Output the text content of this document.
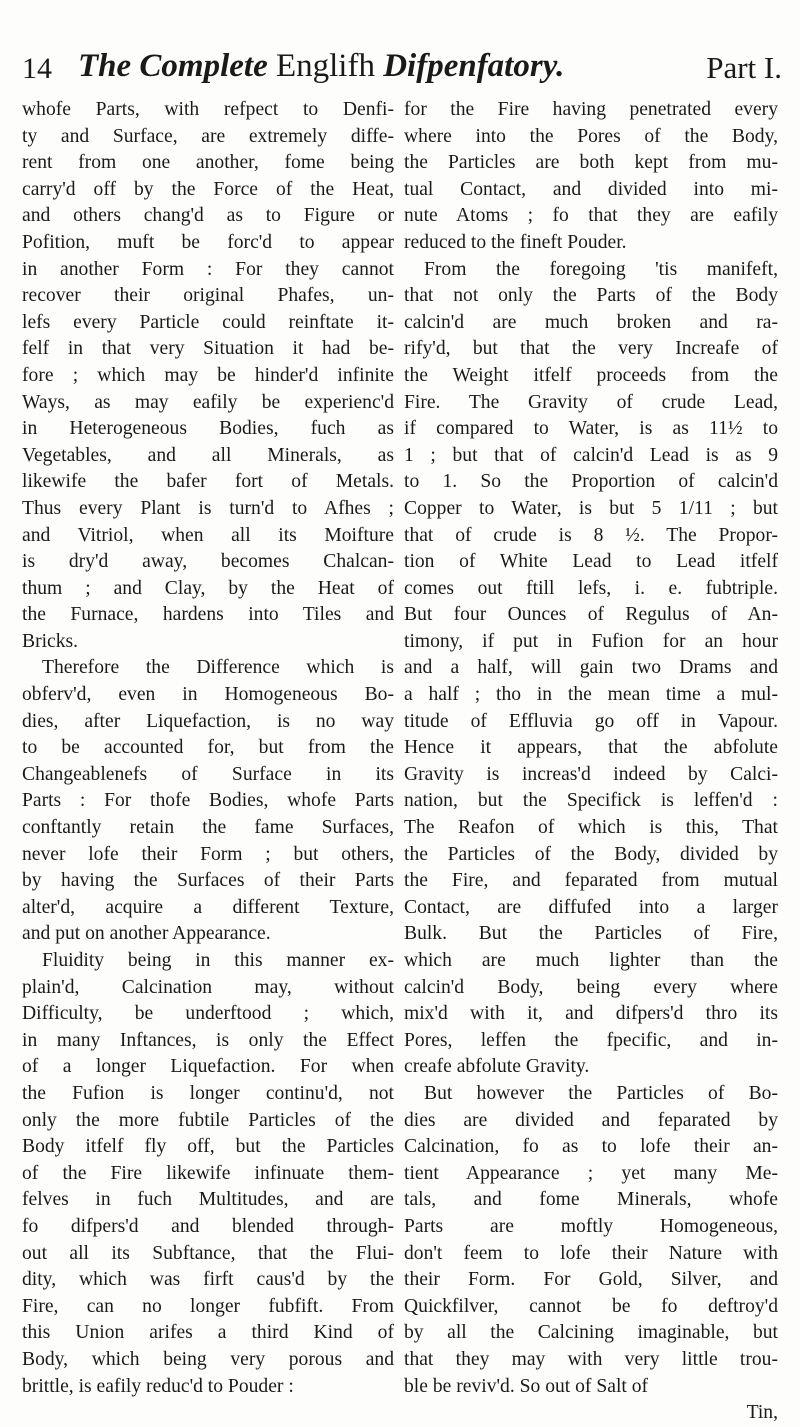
14 The Complete Englifh Difpenfatory.	Part I.
whofe Parts, with refpect to Denfi-
ty and Surface, are extremely diffe-
rent from one another, fome being
carry'd off by the Force of the Heat,
and others chang'd as to Figure or
Pofition, muft be forc'd to appear
in another Form : For they cannot
recover their original Phafes, un-
lefs every Particle could reinftate it-
felf in that very Situation it had be-
fore ; which may be hinder'd infinite
Ways, as may eafily be experienc'd
in Heterogeneous Bodies, fuch as
Vegetables, and all Minerals, as
likewife the bafer fort of Metals.
Thus every Plant is turn'd to Afhes ;
and Vitriol, when all its Moifture
is dry'd away, becomes Chalcan-
thum ; and Clay, by the Heat of
the Furnace, hardens into Tiles and
Bricks.
Therefore the Difference which is
obferv'd, even in Homogeneous Bo-
dies, after Liquefaction, is no way
to be accounted for, but from the
Changeablenefs of Surface in its
Parts : For thofe Bodies, whofe Parts
conftantly retain the fame Surfaces,
never lofe their Form ; but others,
by having the Surfaces of their Parts
alter'd, acquire a different Texture,
and put on another Appearance.
Fluidity being in this manner ex-
plain'd, Calcination may, without
Difficulty, be underftood ; which,
in many Inftances, is only the Effect
of a longer Liquefaction. For when
the Fufion is longer continu'd, not
only the more fubtile Particles of the
Body itfelf fly off, but the Particles
of the Fire likewife infinuate them-
felves in fuch Multitudes, and are
fo difpers'd and blended through-
out all its Subftance, that the Flui-
dity, which was firft caus'd by the
Fire, can no longer fubfift. From
this Union arifes a third Kind of
Body, which being very porous and
brittle, is eafily reduc'd to Pouder :
for the Fire having penetrated every
where into the Pores of the Body,
the Particles are both kept from mu-
tual Contact, and divided into mi-
nute Atoms ; fo that they are eafily
reduced to the fineft Pouder.
From the foregoing 'tis manifeft,
that not only the Parts of the Body
calcin'd are much broken and ra-
rify'd, but that the very Increafe of
the Weight itfelf proceeds from the
Fire. The Gravity of crude Lead,
if compared to Water, is as 11½ to
1 ; but that of calcin'd Lead is as 9
to 1. So the Proportion of calcin'd
Copper to Water, is but 5 1/11 ; but
that of crude is 8 ½. The Propor-
tion of White Lead to Lead itfelf
comes out ftill lefs, i. e. fubtriple.
But four Ounces of Regulus of An-
timony, if put in Fufion for an hour
and a half, will gain two Drams and
a half ; tho in the mean time a mul-
titude of Effluvia go off in Vapour.
Hence it appears, that the abfolute
Gravity is increas'd indeed by Calci-
nation, but the Specifick is leffen'd :
The Reafon of which is this, That
the Particles of the Body, divided by
the Fire, and feparated from mutual
Contact, are diffufed into a larger
Bulk. But the Particles of Fire,
which are much lighter than the
calcin'd Body, being every where
mix'd with it, and difpers'd thro its
Pores, leffen the fpecific, and in-
creafe abfolute Gravity.
But however the Particles of Bo-
dies are divided and feparated by
Calcination, fo as to lofe their an-
tient Appearance ; yet many Me-
tals, and fome Minerals, whofe
Parts are moftly Homogeneous,
don't feem to lofe their Nature with
their Form. For Gold, Silver, and
Quickfilver, cannot be fo deftroy'd
by all the Calcining imaginable, but
that they may with very little trou-
ble be reviv'd. So out of Salt of
Tin,
